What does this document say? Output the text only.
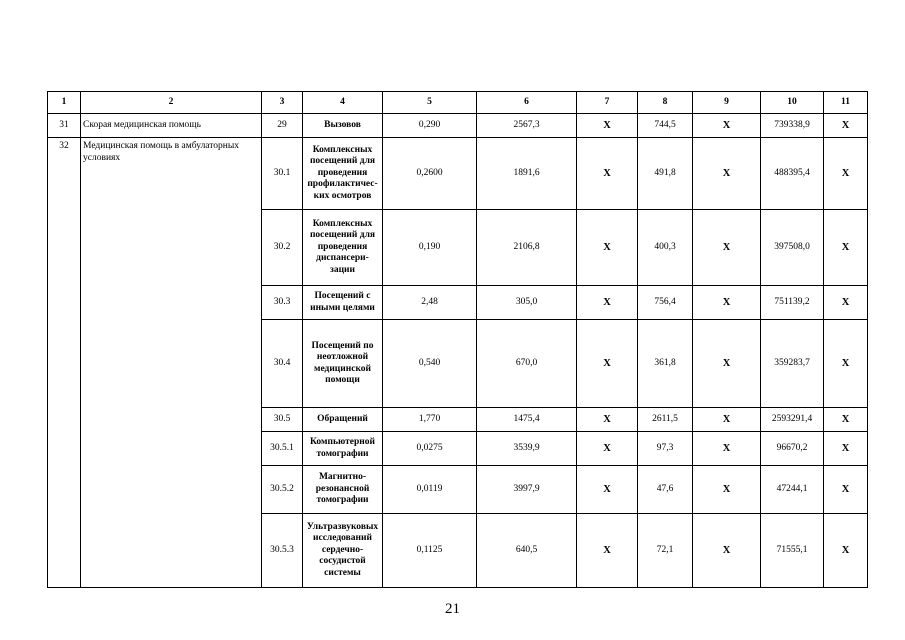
1	2	3	4	5	6	7	8	9	10	11
31	Скорая медицинская помощь	29	Вызовов	0,290	2567,3	X	744,5	X	739338,9	X
32	Медицинская помощь в амбулаторных условиях	30.1	Комплексных посещений для проведения профилактичес-ких осмотров	0,2600	1891,6	X	491,8	X	488395,4	X
		30.2	Комплексных посещений для проведения диспансери-зации	0,190	2106,8	X	400,3	X	397508,0	X
		30.3	Посещений с иными целями	2,48	305,0	X	756,4	X	751139,2	X
		30.4	Посещений по неотложной медицинской помощи	0,540	670,0	X	361,8	X	359283,7	X
		30.5	Обращений	1,770	1475,4	X	2611,5	X	2593291,4	X
		30.5.1	Компьютерной томографии	0,0275	3539,9	X	97,3	X	96670,2	X
		30.5.2	Магнитно-резонансной томографии	0,0119	3997,9	X	47,6	X	47244,1	X
		30.5.3	Ультразвуковых исследований сердечно-сосудистой системы	0,1125	640,5	X	72,1	X	71555,1	X
21
